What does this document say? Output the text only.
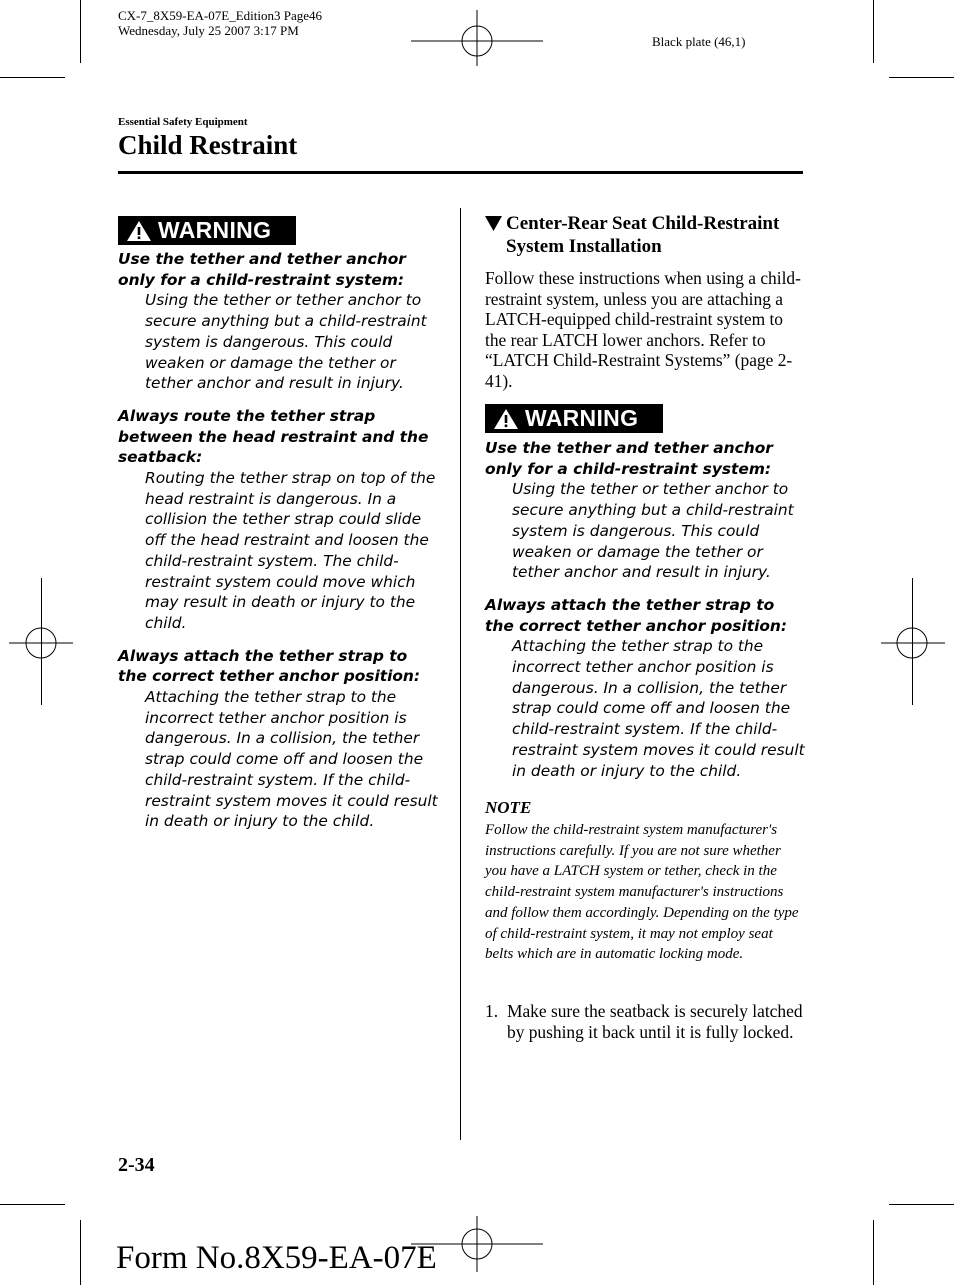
CX-7_8X59-EA-07E_Edition3 Page46
Wednesday, July 25 2007 3:17 PM
Black plate (46,1)
Essential Safety Equipment
Child Restraint
WARNING

Use the tether and tether anchor only for a child-restraint system:

Using the tether or tether anchor to secure anything but a child-restraint system is dangerous. This could weaken or damage the tether or tether anchor and result in injury.

Always route the tether strap between the head restraint and the seatback:

Routing the tether strap on top of the head restraint is dangerous. In a collision the tether strap could slide off the head restraint and loosen the child-restraint system. The child-restraint system could move which may result in death or injury to the child.

Always attach the tether strap to the correct tether anchor position:

Attaching the tether strap to the incorrect tether anchor position is dangerous. In a collision, the tether strap could come off and loosen the child-restraint system. If the child-restraint system moves it could result in death or injury to the child.

Center-Rear Seat Child-Restraint System Installation
Follow these instructions when using a child-restraint system, unless you are attaching a LATCH-equipped child-restraint system to the rear LATCH lower anchors. Refer to “LATCH Child-Restraint Systems” (page 2-41).
WARNING

Use the tether and tether anchor only for a child-restraint system:

Using the tether or tether anchor to secure anything but a child-restraint system is dangerous. This could weaken or damage the tether or tether anchor and result in injury.

Always attach the tether strap to the correct tether anchor position:

Attaching the tether strap to the incorrect tether anchor position is dangerous. In a collision, the tether strap could come off and loosen the child-restraint system. If the child-restraint system moves it could result in death or injury to the child.

NOTE
Follow the child-restraint system manufacturer's instructions carefully. If you are not sure whether you have a LATCH system or tether, check in the child-restraint system manufacturer's instructions and follow them accordingly. Depending on the type of child-restraint system, it may not employ seat belts which are in automatic locking mode.
1. Make sure the seatback is securely latched by pushing it back until it is fully locked.
2-34
Form No.8X59-EA-07E
